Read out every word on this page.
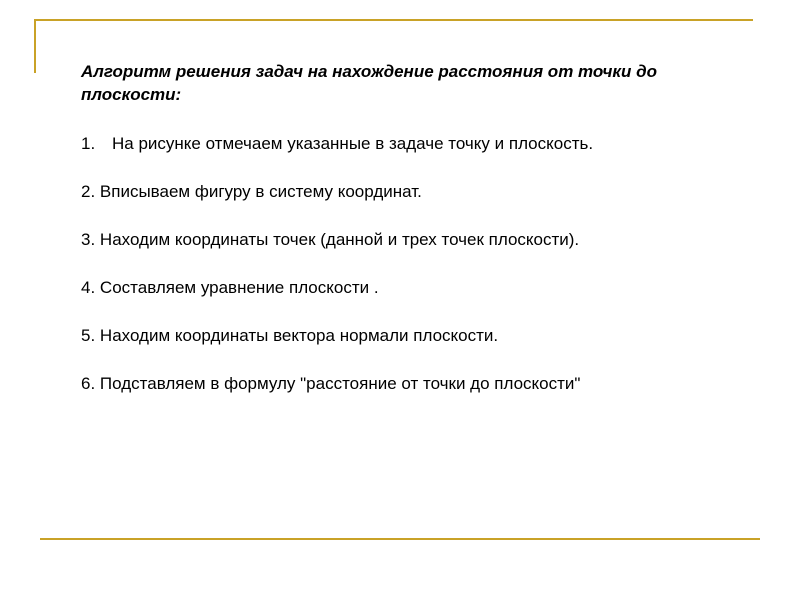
Алгоритм решения задач на нахождение расстояния от точки до плоскости:

1. На рисунке отмечаем указанные в задаче точку и плоскость.
2. Вписываем фигуру в систему координат.
3. Находим координаты точек (данной и трех точек плоскости).
4. Составляем уравнение плоскости .
5. Находим координаты вектора нормали плоскости.
6. Подставляем в формулу "расстояние от точки до плоскости"
